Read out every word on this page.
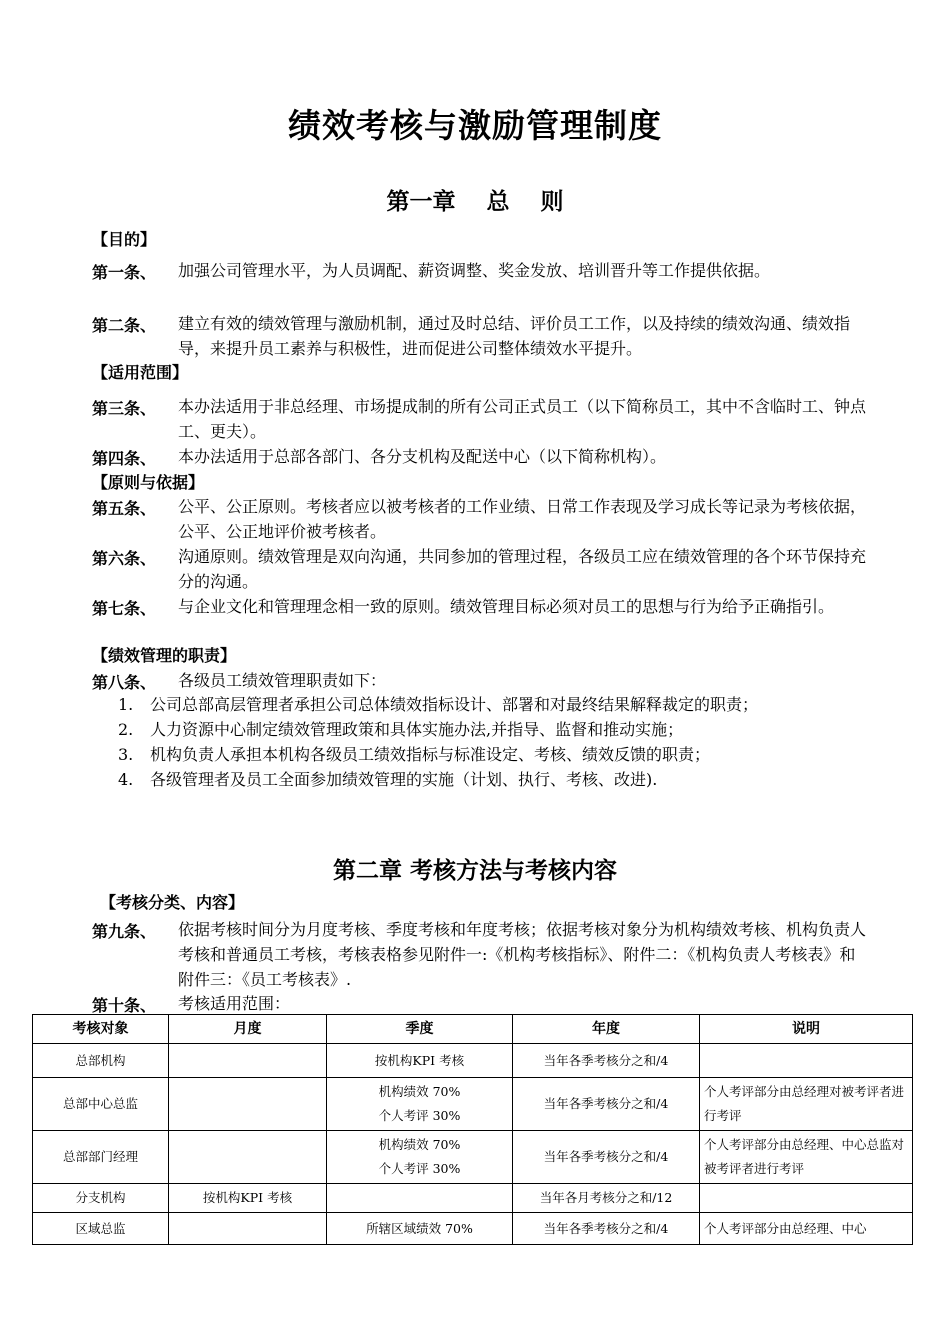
绩效考核与激励管理制度
第一章　 总　 则
【目的】
第一条、 加强公司管理水平，为人员调配、薪资调整、奖金发放、培训晋升等工作提供依据。
第二条、 建立有效的绩效管理与激励机制，通过及时总结、评价员工工作，以及持续的绩效沟通、绩效指导，来提升员工素养与积极性，进而促进公司整体绩效水平提升。
【适用范围】
第三条、 本办法适用于非总经理、市场提成制的所有公司正式员工（以下简称员工，其中不含临时工、钟点工、更夫）。
第四条、 本办法适用于总部各部门、各分支机构及配送中心（以下简称机构）。
【原则与依据】
第五条、 公平、公正原则。考核者应以被考核者的工作业绩、日常工作表现及学习成长等记录为考核依据，公平、公正地评价被考核者。
第六条、 沟通原则。绩效管理是双向沟通，共同参加的管理过程，各级员工应在绩效管理的各个环节保持充分的沟通。
第七条、 与企业文化和管理理念相一致的原则。绩效管理目标必须对员工的思想与行为给予正确指引。
【绩效管理的职责】
第八条、 各级员工绩效管理职责如下：
1. 公司总部高层管理者承担公司总体绩效指标设计、部署和对最终结果解释裁定的职责；
2. 人力资源中心制定绩效管理政策和具体实施办法,并指导、监督和推动实施；
3. 机构负责人承担本机构各级员工绩效指标与标准设定、考核、绩效反馈的职责；
4. 各级管理者及员工全面参加绩效管理的实施（计划、执行、考核、改进).
第二章 考核方法与考核内容
【考核分类、内容】
第九条、 依据考核时间分为月度考核、季度考核和年度考核；依据考核对象分为机构绩效考核、机构负责人考核和普通员工考核，考核表格参见附件一:《机构考核指标》、附件二：《机构负责人考核表》和附件三：《员工考核表》.
第十条、 考核适用范围：
考核对象	月度	季度	年度	说明
总部机构		按机构KPI 考核	当年各季考核分之和/4	
总部中心总监		机构绩效 70%
个人考评 30%	当年各季考核分之和/4	个人考评部分由总经理对被考评者进行考评
总部部门经理		机构绩效 70%
个人考评 30%	当年各季考核分之和/4	个人考评部分由总经理、中心总监对被考评者进行考评
分支机构	按机构KPI 考核		当年各月考核分之和/12	
区域总监		所辖区域绩效 70%	当年各季考核分之和/4	个人考评部分由总经理、中心
